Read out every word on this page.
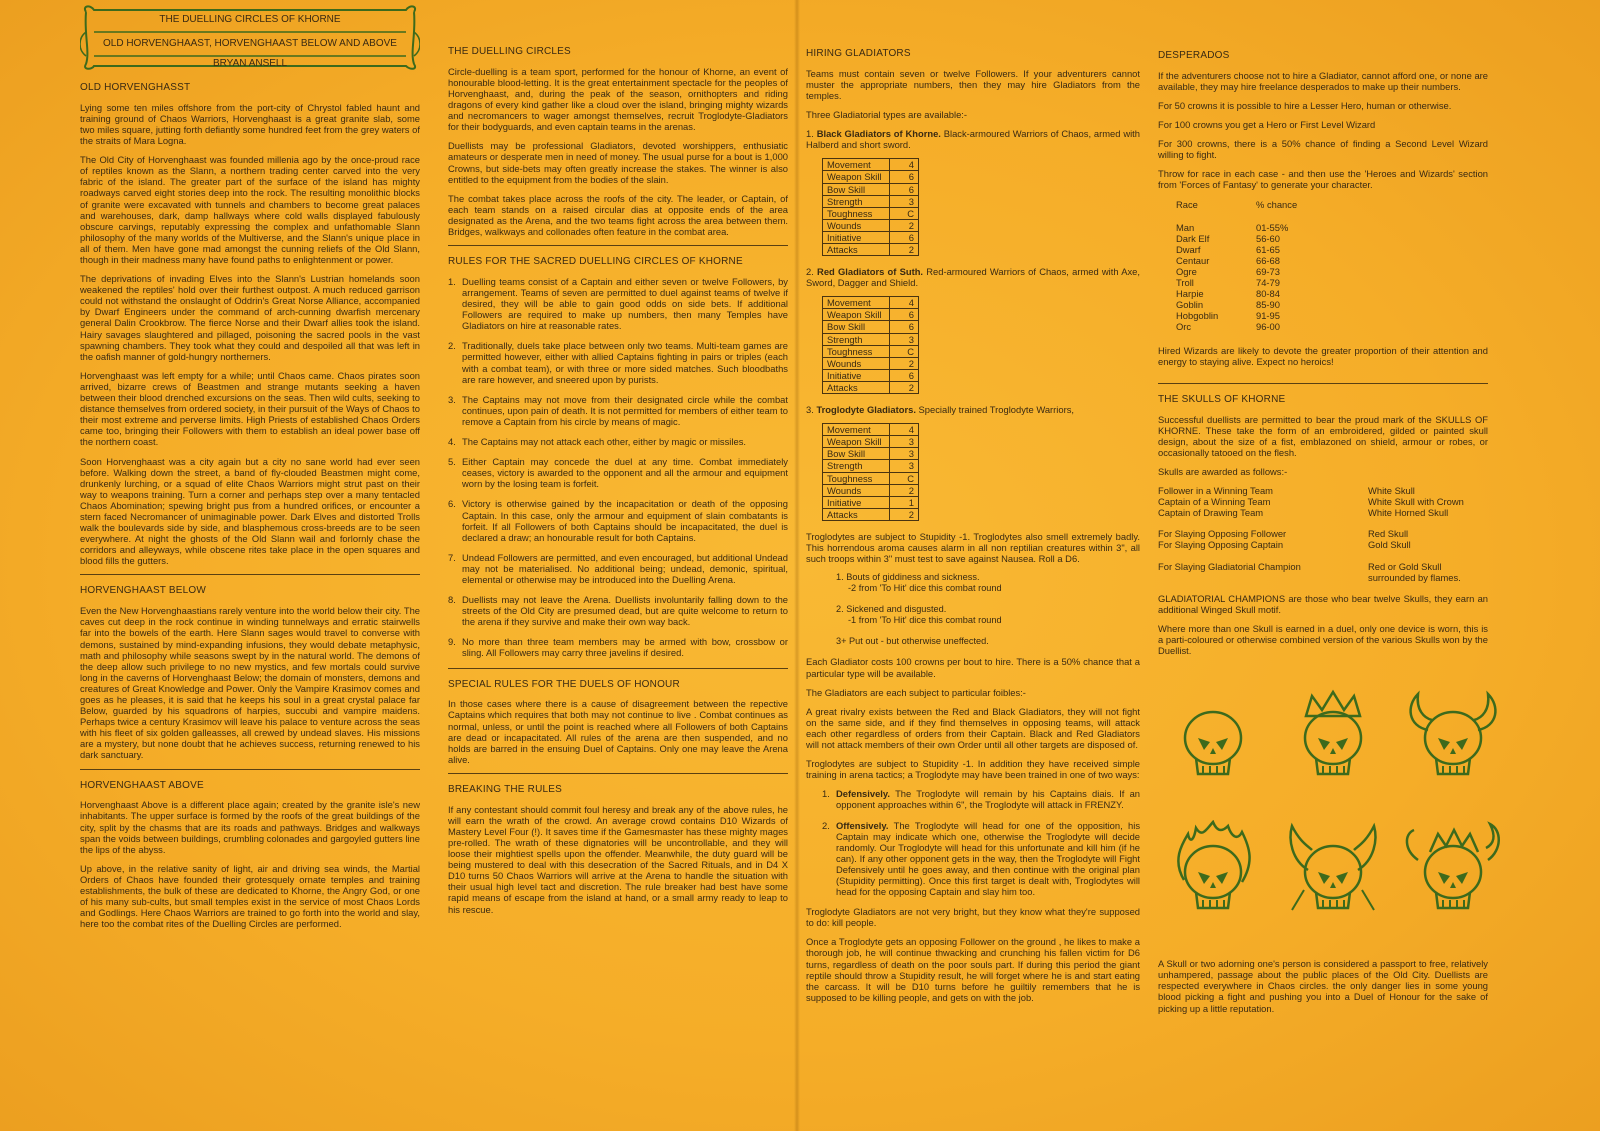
THE DUELLING CIRCLES OF KHORNE
OLD HORVENGHAAST, HORVENGHAAST BELOW AND ABOVE
BRYAN ANSELL
OLD HORVENGHASST

Lying some ten miles offshore from the port-city of Chrystol fabled haunt and training ground of Chaos Warriors, Horvenghaast is a great granite slab, some two miles square, jutting forth defiantly some hundred feet from the grey waters of the straits of Mara Logna.

The Old City of Horvenghaast was founded millenia ago by the once-proud race of reptiles known as the Slann, a northern trading center carved into the very fabric of the island. The greater part of the surface of the island has mighty roadways carved eight stories deep into the rock. The resulting monolithic blocks of granite were excavated with tunnels and chambers to become great palaces and warehouses, dark, damp hallways where cold walls displayed fabulously obscure carvings, reputably expressing the complex and unfathomable Slann philosophy of the many worlds of the Multiverse, and the Slann's unique place in all of them. Men have gone mad amongst the cunning reliefs of the Old Slann, though in their madness many have found paths to enlightenment or power.

The deprivations of invading Elves into the Slann's Lustrian homelands soon weakened the reptiles' hold over their furthest outpost. A much reduced garrison could not withstand the onslaught of Oddrin's Great Norse Alliance, accompanied by Dwarf Engineers under the command of arch-cunning dwarfish mercenary general Dalin Crookbrow. The fierce Norse and their Dwarf allies took the island. Hairy savages slaughtered and pillaged, poisoning the sacred pools in the vast spawning chambers. They took what they could and despoiled all that was left in the oafish manner of gold-hungry northerners.

Horvenghaast was left empty for a while; until Chaos came. Chaos pirates soon arrived, bizarre crews of Beastmen and strange mutants seeking a haven between their blood drenched excursions on the seas. Then wild cults, seeking to distance themselves from ordered society, in their pursuit of the Ways of Chaos to their most extreme and perverse limits. High Priests of established Chaos Orders came too, bringing their Followers with them to establish an ideal power base off the northern coast.

Soon Horvenghaast was a city again but a city no sane world had ever seen before. Walking down the street, a band of fly-clouded Beastmen might come, drunkenly lurching, or a squad of elite Chaos Warriors might strut past on their way to weapons training. Turn a corner and perhaps step over a many tentacled Chaos Abomination; spewing bright pus from a hundred orifices, or encounter a stern faced Necromancer of unimaginable power. Dark Elves and distorted Trolls walk the boulevards side by side, and blasphemous cross-breeds are to be seen everywhere. At night the ghosts of the Old Slann wail and forlornly chase the corridors and alleyways, while obscene rites take place in the open squares and blood fills the gutters.

HORVENGHAAST BELOW

Even the New Horvenghaastians rarely venture into the world below their city. The caves cut deep in the rock continue in winding tunnelways and erratic stairwells far into the bowels of the earth. Here Slann sages would travel to converse with demons, sustained by mind-expanding infusions, they would debate metaphysic, math and philosophy while seasons swept by in the natural world. The demons of the deep allow such privilege to no new mystics, and few mortals could survive long in the caverns of Horvenghaast Below; the domain of monsters, demons and creatures of Great Knowledge and Power. Only the Vampire Krasimov comes and goes as he pleases, it is said that he keeps his soul in a great crystal palace far Below, guarded by his squadrons of harpies, succubi and vampire maidens. Perhaps twice a century Krasimov will leave his palace to venture across the seas with his fleet of six golden galleasses, all crewed by undead slaves. His missions are a mystery, but none doubt that he achieves success, returning renewed to his dark sanctuary.

HORVENGHAAST ABOVE

Horvenghaast Above is a different place again; created by the granite isle's new inhabitants. The upper surface is formed by the roofs of the great buildings of the city, split by the chasms that are its roads and pathways. Bridges and walkways span the voids between buildings, crumbling colonades and gargoyled gutters line the lips of the abyss.

Up above, in the relative sanity of light, air and driving sea winds, the Martial Orders of Chaos have founded their grotesquely ornate temples and training establishments, the bulk of these are dedicated to Khorne, the Angry God, or one of his many sub-cults, but small temples exist in the service of most Chaos Lords and Godlings. Here Chaos Warriors are trained to go forth into the world and slay, here too the combat rites of the Duelling Circles are performed.

THE DUELLING CIRCLES

Circle-duelling is a team sport, performed for the honour of Khorne, an event of honourable blood-letting. It is the great entertainment spectacle for the peoples of Horvenghaast, and, during the peak of the season, ornithopters and riding dragons of every kind gather like a cloud over the island, bringing mighty wizards and necromancers to wager amongst themselves, recruit Troglodyte-Gladiators for their bodyguards, and even captain teams in the arenas.

Duellists may be professional Gladiators, devoted worshippers, enthusiatic amateurs or desperate men in need of money. The usual purse for a bout is 1,000 Crowns, but side-bets may often greatly increase the stakes. The winner is also entitled to the equipment from the bodies of the slain.

The combat takes place across the roofs of the city. The leader, or Captain, of each team stands on a raised circular dias at opposite ends of the area designated as the Arena, and the two teams fight across the area between them. Bridges, walkways and collonades often feature in the combat area.

RULES FOR THE SACRED DUELLING CIRCLES OF KHORNE
1. Duelling teams consist of a Captain and either seven or twelve Followers, by arrangement. Teams of seven are permitted to duel against teams of twelve if desired, they will be able to gain good odds on side bets. If additional Followers are required to make up numbers, then many Temples have Gladiators on hire at reasonable rates.
2. Traditionally, duels take place between only two teams. Multi-team games are permitted however, either with allied Captains fighting in pairs or triples (each with a combat team), or with three or more sided matches. Such bloodbaths are rare however, and sneered upon by purists.
3. The Captains may not move from their designated circle while the combat continues, upon pain of death. It is not permitted for members of either team to remove a Captain from his circle by means of magic.
4. The Captains may not attack each other, either by magic or missiles.
5. Either Captain may concede the duel at any time. Combat immediately ceases, victory is awarded to the opponent and all the armour and equipment worn by the losing team is forfeit.
6. Victory is otherwise gained by the incapacitation or death of the opposing Captain. In this case, only the armour and equipment of slain combatants is forfeit. If all Followers of both Captains should be incapacitated, the duel is declared a draw; an honourable result for both Captains.
7. Undead Followers are permitted, and even encouraged, but additional Undead may not be materialised. No additional being; undead, demonic, spiritual, elemental or otherwise may be introduced into the Duelling Arena.
8. Duellists may not leave the Arena. Duellists involuntarily falling down to the streets of the Old City are presumed dead, but are quite welcome to return to the arena if they survive and make their own way back.
9. No more than three team members may be armed with bow, crossbow or sling. All Followers may carry three javelins if desired.
SPECIAL RULES FOR THE DUELS OF HONOUR

In those cases where there is a cause of disagreement between the repective Captains which requires that both may not continue to live . Combat continues as normal, unless, or until the point is reached where all Followers of both Captains are dead or incapacitated. All rules of the arena are then suspended, and no holds are barred in the ensuing Duel of Captains. Only one may leave the Arena alive.

BREAKING THE RULES

If any contestant should commit foul heresy and break any of the above rules, he will earn the wrath of the crowd. An average crowd contains D10 Wizards of Mastery Level Four (!). It saves time if the Gamesmaster has these mighty mages pre-rolled. The wrath of these dignatories will be uncontrollable, and they will loose their mightiest spells upon the offender. Meanwhile, the duty guard will be being mustered to deal with this desecration of the Sacred Rituals, and in D4 X D10 turns 50 Chaos Warriors will arrive at the Arena to handle the situation with their usual high level tact and discretion. The rule breaker had best have some rapid means of escape from the island at hand, or a small army ready to leap to his rescue.

HIRING GLADIATORS

Teams must contain seven or twelve Followers. If your adventurers cannot muster the appropriate numbers, then they may hire Gladiators from the temples.

Three Gladiatorial types are available:-

1. Black Gladiators of Khorne. Black-armoured Warriors of Chaos, armed with Halberd and short sword.

Movement	4
Weapon Skill	6
Bow Skill	6
Strength	3
Toughness	C
Wounds	2
Initiative	6
Attacks	2

2. Red Gladiators of Suth. Red-armoured Warriors of Chaos, armed with Axe, Sword, Dagger and Shield.

Movement	4
Weapon Skill	6
Bow Skill	6
Strength	3
Toughness	C
Wounds	2
Initiative	6
Attacks	2

3. Troglodyte Gladiators. Specially trained Troglodyte Warriors,

Movement	4
Weapon Skill	3
Bow Skill	3
Strength	3
Toughness	C
Wounds	2
Initiative	1
Attacks	2

Troglodytes are subject to Stupidity -1. Troglodytes also smell extremely badly. This horrendous aroma causes alarm in all non reptilian creatures within 3", all such troops within 3" must test to save against Nausea. Roll a D6.

1. Bouts of giddiness and sickness.
-2 from 'To Hit' dice this combat round
2. Sickened and disgusted.
-1 from 'To Hit' dice this combat round
3+ Put out - but otherwise uneffected.

Each Gladiator costs 100 crowns per bout to hire. There is a 50% chance that a particular type will be available.

The Gladiators are each subject to particular foibles:-

A great rivalry exists between the Red and Black Gladiators, they will not fight on the same side, and if they find themselves in opposing teams, will attack each other regardless of orders from their Captain. Black and Red Gladiators will not attack members of their own Order until all other targets are disposed of.

Troglodytes are subject to Stupidity -1. In addition they have received simple training in arena tactics; a Troglodyte may have been trained in one of two ways:

1. Defensively. The Troglodyte will remain by his Captains diais. If an opponent approaches within 6", the Troglodyte will attack in FRENZY.
2. Offensively. The Troglodyte will head for one of the opposition, his Captain may indicate which one, otherwise the Troglodyte will decide randomly. Our Troglodyte will head for this unfortunate and kill him (if he can). If any other opponent gets in the way, then the Troglodyte will Fight Defensively until he goes away, and then continue with the original plan (Stupidity permitting). Once this first target is dealt with, Troglodytes will head for the opposing Captain and slay him too.

Troglodyte Gladiators are not very bright, but they know what they're supposed to do: kill people.

Once a Troglodyte gets an opposing Follower on the ground , he likes to make a thorough job, he will continue thwacking and crunching his fallen victim for D6 turns, regardless of death on the poor souls part. If during this period the giant reptile should throw a Stupidity result, he will forget where he is and start eating the carcass. It will be D10 turns before he guiltily remembers that he is supposed to be killing people, and gets on with the job.

DESPERADOS

If the adventurers choose not to hire a Gladiator, cannot afford one, or none are available, they may hire freelance desperados to make up their numbers.

For 50 crowns it is possible to hire a Lesser Hero, human or otherwise.

For 100 crowns you get a Hero or First Level Wizard

For 300 crowns, there is a 50% chance of finding a Second Level Wizard willing to fight.

Throw for race in each case - and then use the 'Heroes and Wizards' section from 'Forces of Fantasy' to generate your character.

Race	% chance
Man	01-55%
Dark Elf	56-60
Dwarf	61-65
Centaur	66-68
Ogre	69-73
Troll	74-79
Harpie	80-84
Goblin	85-90
Hobgoblin	91-95
Orc	96-00

Hired Wizards are likely to devote the greater proportion of their attention and energy to staying alive. Expect no heroics!

THE SKULLS OF KHORNE

Successful duellists are permitted to bear the proud mark of the SKULLS OF KHORNE. These take the form of an embroidered, gilded or painted skull design, about the size of a fist, emblazoned on shield, armour or robes, or occasionally tatooed on the flesh.

Skulls are awarded as follows:-

Follower in a Winning Team	White Skull
Captain of a Winning Team	White Skull with Crown
Captain of Drawing Team	White Horned Skull
For Slaying Opposing Follower	Red Skull
For Slaying Opposing Captain	Gold Skull
For Slaying Gladiatorial Champion	Red or Gold Skull surrounded by flames.

GLADIATORIAL CHAMPIONS are those who bear twelve Skulls, they earn an additional Winged Skull motif.

Where more than one Skull is earned in a duel, only one device is worn, this is a parti-coloured or otherwise combined version of the various Skulls won by the Duellist.

A Skull or two adorning one's person is considered a passport to free, relatively unhampered, passage about the public places of the Old City. Duellists are respected everywhere in Chaos circles. the only danger lies in some young blood picking a fight and pushing you into a Duel of Honour for the sake of picking up a little reputation.
